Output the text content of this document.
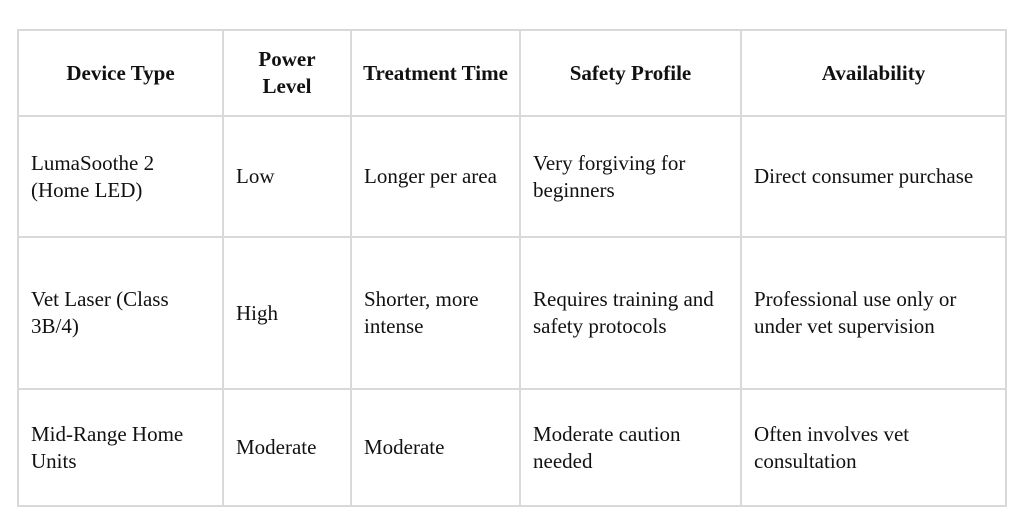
Device Type	Power Level	Treatment Time	Safety Profile	Availability

LumaSoothe 2 (Home LED)	Low	Longer per area	Very forgiving for beginners	Direct consumer purchase

Vet Laser (Class 3B/4)	High	Shorter, more intense	Requires training and safety protocols	Professional use only or under vet supervision

Mid-Range Home Units	Moderate	Moderate	Moderate caution needed	Often involves vet consultation
